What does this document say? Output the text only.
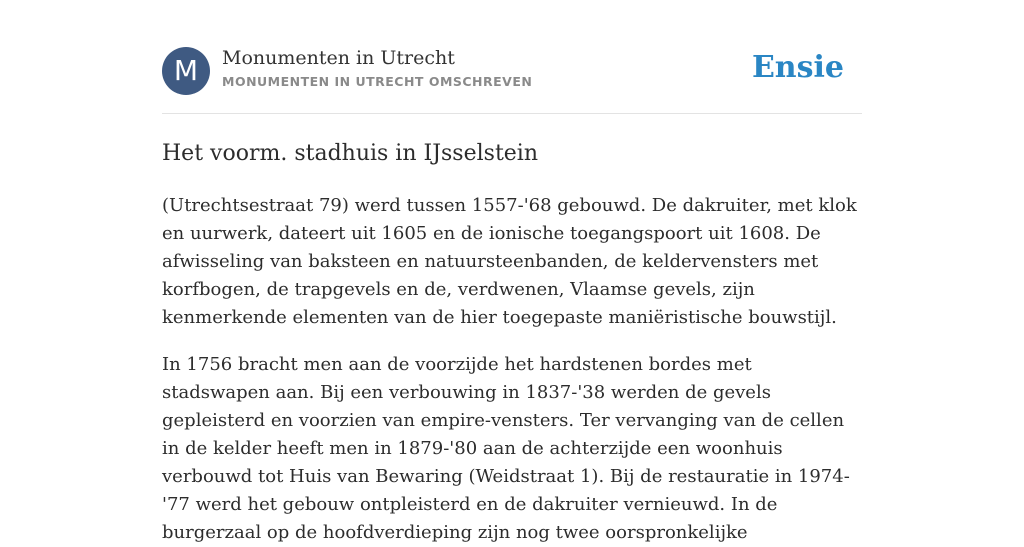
M	Monumenten in Utrecht
MONUMENTEN IN UTRECHT OMSCHREVEN	Ensie
Het voorm. stadhuis in IJsselstein

(Utrechtsestraat 79) werd tussen 1557-'68 gebouwd. De dakruiter, met klok en uurwerk, dateert uit 1605 en de ionische toegangspoort uit 1608. De afwisseling van baksteen en natuursteenbanden, de keldervensters met korfbogen, de trapgevels en de, verdwenen, Vlaamse gevels, zijn kenmerkende elementen van de hier toegepaste maniëristische bouwstijl.

In 1756 bracht men aan de voorzijde het hardstenen bordes met stadswapen aan. Bij een verbouwing in 1837-'38 werden de gevels gepleisterd en voorzien van empire-vensters. Ter vervanging van de cellen in de kelder heeft men in 1879-'80 aan de achterzijde een woonhuis verbouwd tot Huis van Bewaring (Weidstraat 1). Bij de restauratie in 1974-'77 werd het gebouw ontpleisterd en de dakruiter vernieuwd. In de burgerzaal op de hoofdverdieping zijn nog twee oorspronkelijke
